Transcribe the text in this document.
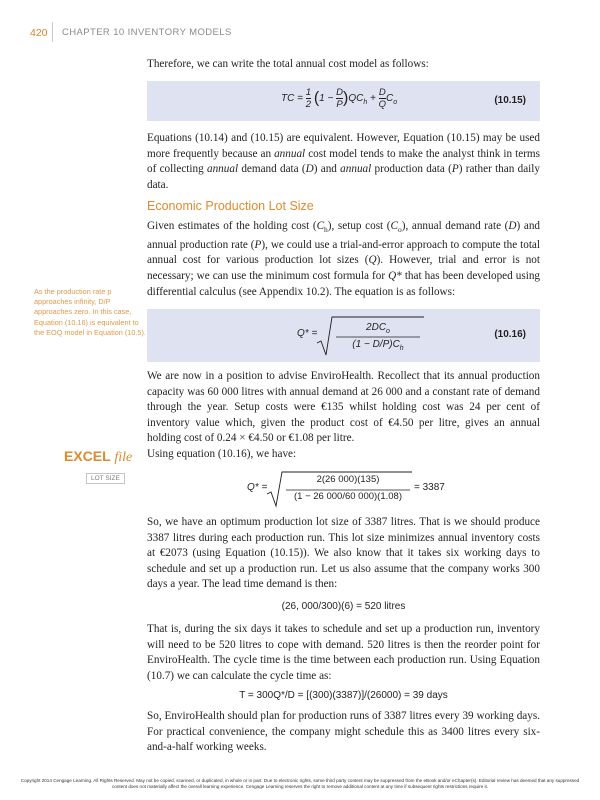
420 CHAPTER 10 INVENTORY MODELS

Therefore, we can write the total annual cost model as follows:

TC = $\frac{1}{2} (1 - \frac{D}{P} )QC_h + \frac{D}{Q} C_o$	(10.15)

Equations (10.14) and (10.15) are equivalent. However, Equation (10.15) may be used more frequently because an annual cost model tends to make the analyst think in terms of collecting annual demand data (D) and annual production data (P) rather than daily data.

Economic Production Lot Size

Given estimates of the holding cost $(C_h)$, setup cost $(C_o)$, annual demand rate (D) and annual production rate (P), we could use a trial-and-error approach to compute the total annual cost for various production lot sizes (Q). However, trial and error is not necessary; we can use the minimum cost formula for Q* that has been developed using differential calculus (see Appendix 10.2). The equation is as follows:

As the production rate p approaches infinity, D/P approaches zero. In this case, Equation (10.16) is equivalent to the EOQ model in Equation (10.5).	Q* =
$2DC_o$
$(1 - D/P)C_h$
(10.16)

We are now in a position to advise EnviroHealth. Recollect that its annual production capacity was 60 000 litres with annual demand at 26 000 and a constant rate of demand through the year. Setup costs were €135 whilst holding cost was 24 per cent of inventory value which, given the product cost of €4.50 per litre, gives an annual holding cost of 0.24 × €4.50 or €1.08 per litre.

EXCEL file
LOT SIZE

Using equation (10.16), we have:

Q* =
2(26 000)(135)
(1 − 26 000/60 000)(1.08)
= 3387

So, we have an optimum production lot size of 3387 litres. That is we should produce 3387 litres during each production run. This lot size minimizes annual inventory costs at €2073 (using Equation (10.15)). We also know that it takes six working days to schedule and set up a production run. Let us also assume that the company works 300 days a year. The lead time demand is then:

(26, 000/300)(6) = 520 litres

That is, during the six days it takes to schedule and set up a production run, inventory will need to be 520 litres to cope with demand. 520 litres is then the reorder point for EnviroHealth. The cycle time is the time between each production run. Using Equation (10.7) we can calculate the cycle time as:

T = 300Q*/D = [(300)(3387)]/(26000) = 39 days

So, EnviroHealth should plan for production runs of 3387 litres every 39 working days. For practical convenience, the company might schedule this as 3400 litres every six-and-a-half working weeks.

Copyright 2014 Cengage Learning. All Rights Reserved. May not be copied, scanned, or duplicated, in whole or in part. Due to electronic rights, some third party content may be suppressed from the eBook and/or eChapter(s). Editorial review has deemed that any suppressed content does not materially affect the overall learning experience. Cengage Learning reserves the right to remove additional content at any time if subsequent rights restrictions require it.
